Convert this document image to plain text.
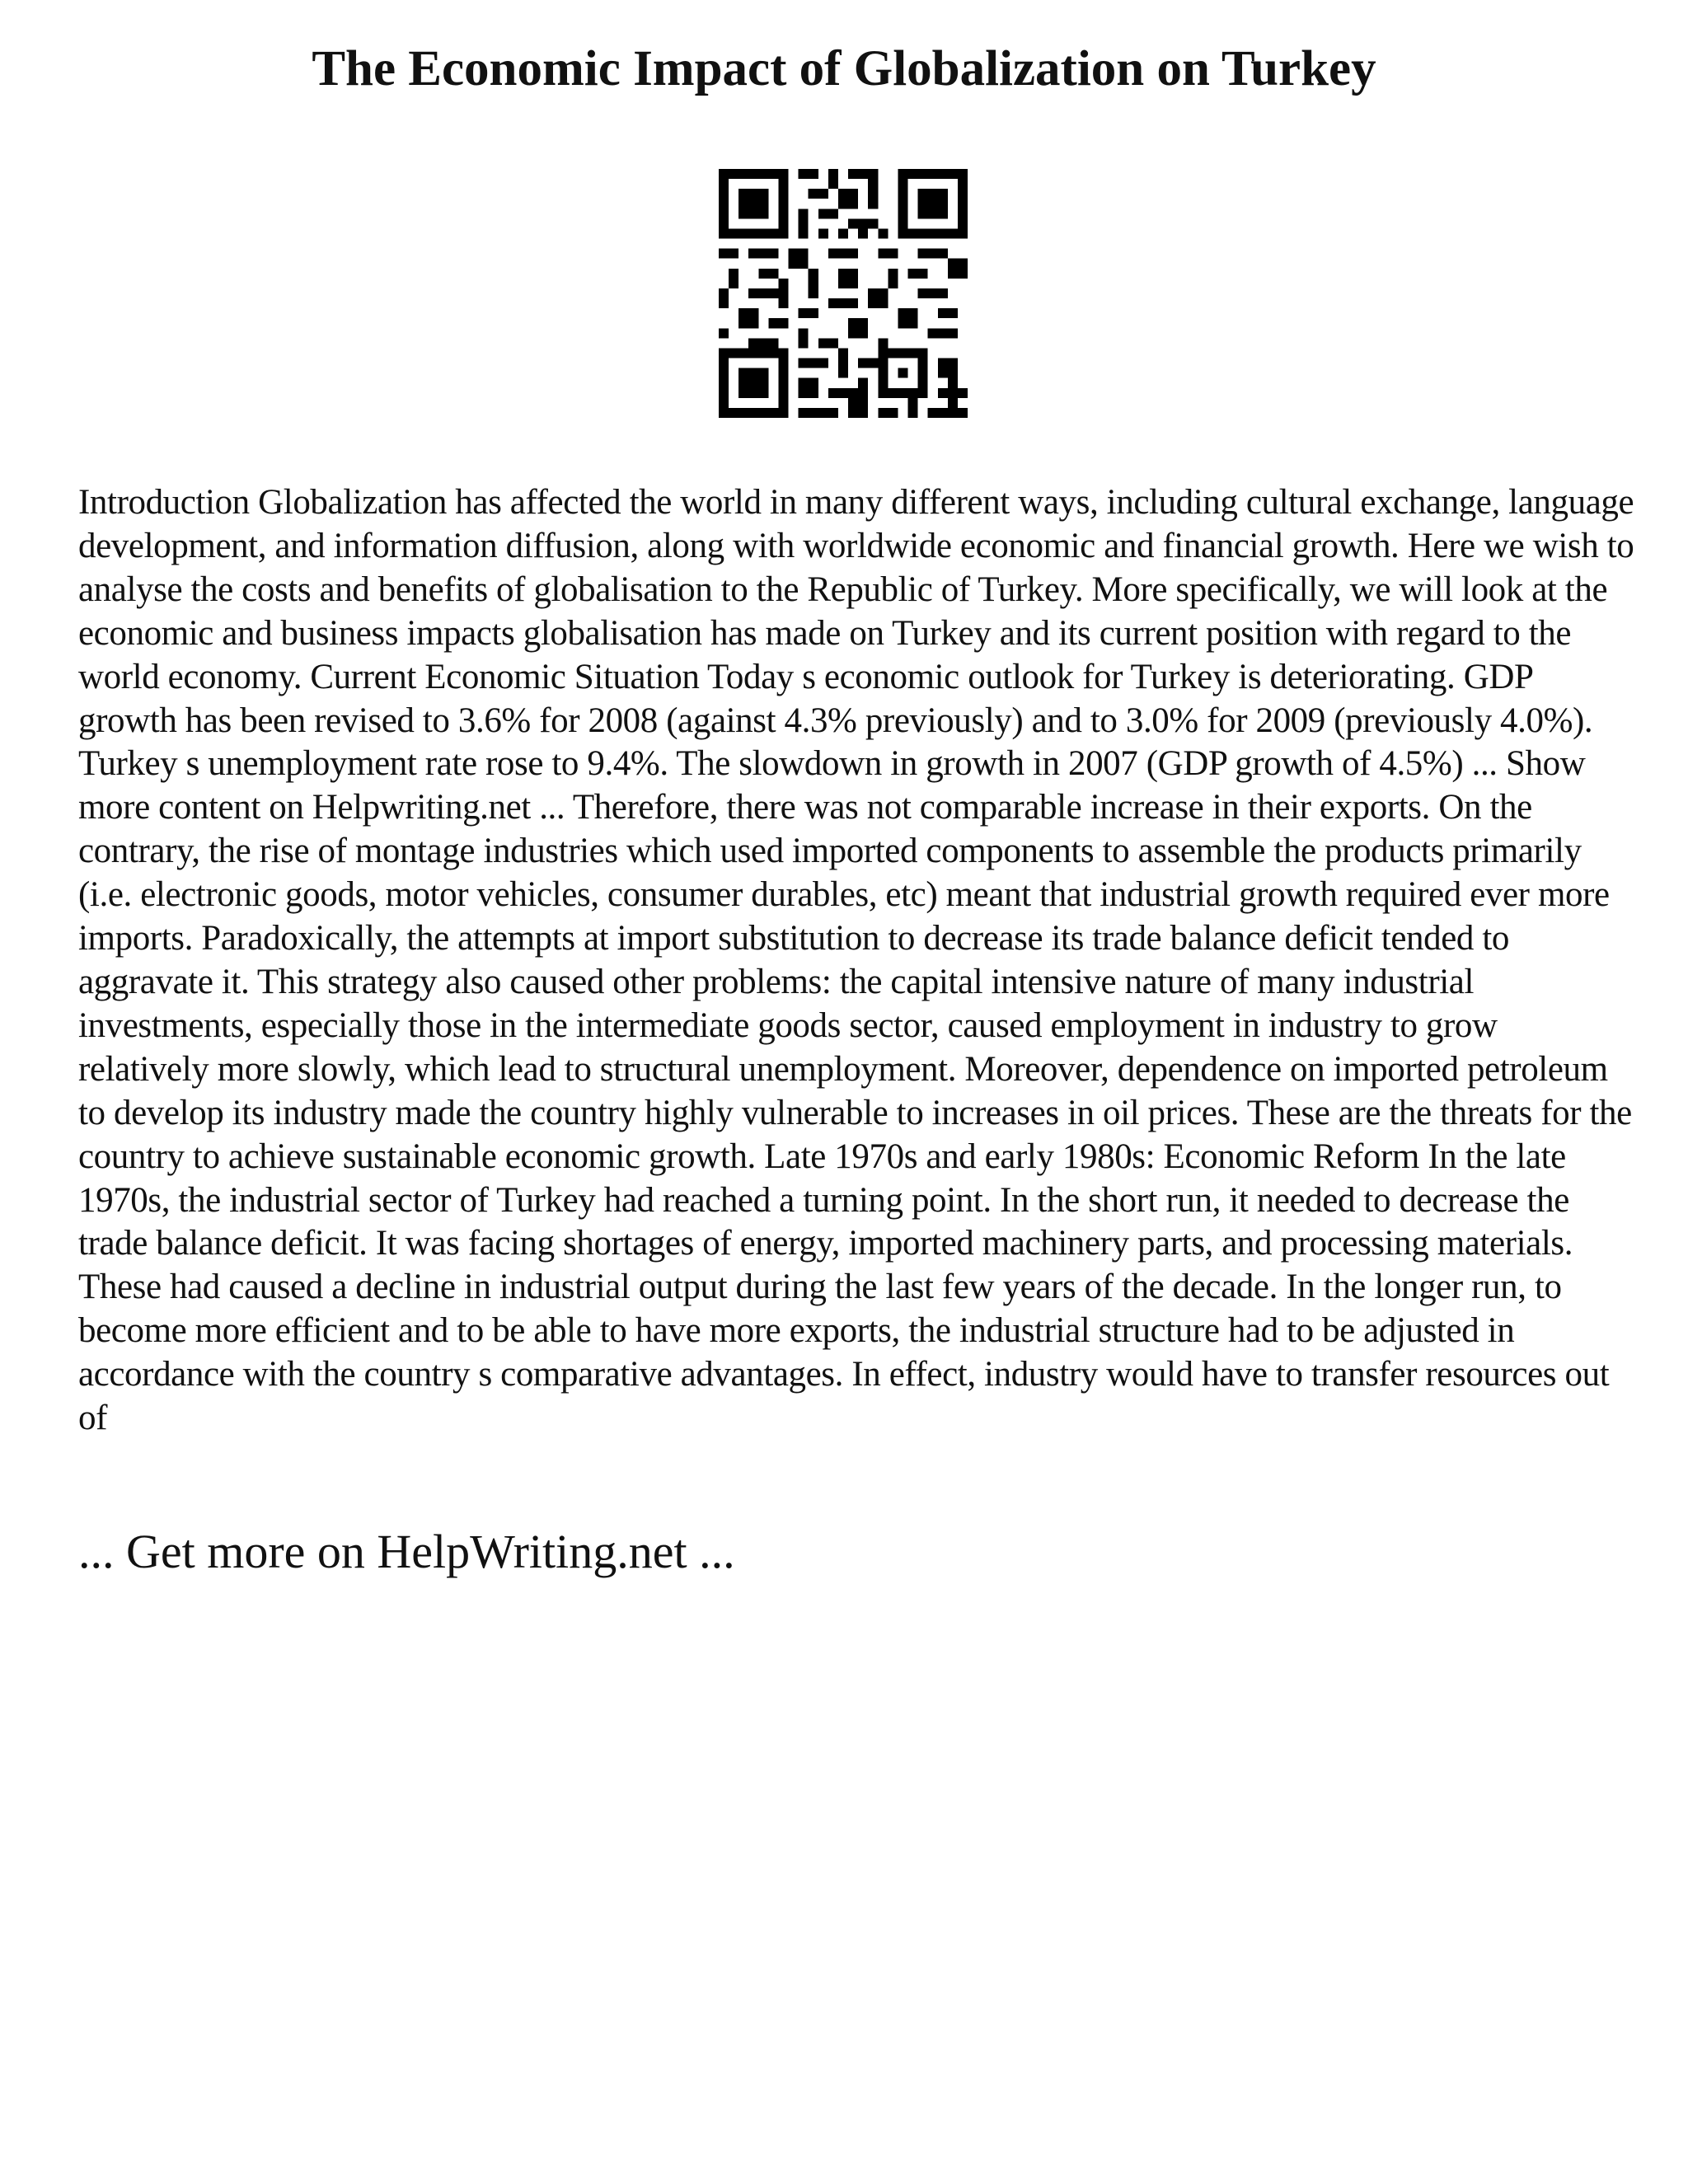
The Economic Impact of Globalization on Turkey

Introduction Globalization has affected the world in many different ways, including cultural exchange, language development, and information diffusion, along with worldwide economic and financial growth. Here we wish to analyse the costs and benefits of globalisation to the Republic of Turkey. More specifically, we will look at the economic and business impacts globalisation has made on Turkey and its current position with regard to the world economy. Current Economic Situation Today s economic outlook for Turkey is deteriorating. GDP growth has been revised to 3.6% for 2008 (against 4.3% previously) and to 3.0% for 2009 (previously 4.0%). Turkey s unemployment rate rose to 9.4%. The slowdown in growth in 2007 (GDP growth of 4.5%) ... Show more content on Helpwriting.net ... Therefore, there was not comparable increase in their exports. On the contrary, the rise of montage industries which used imported components to assemble the products primarily (i.e. electronic goods, motor vehicles, consumer durables, etc) meant that industrial growth required ever more imports. Paradoxically, the attempts at import substitution to decrease its trade balance deficit tended to aggravate it. This strategy also caused other problems: the capital intensive nature of many industrial investments, especially those in the intermediate goods sector, caused employment in industry to grow relatively more slowly, which lead to structural unemployment. Moreover, dependence on imported petroleum to develop its industry made the country highly vulnerable to increases in oil prices. These are the threats for the country to achieve sustainable economic growth. Late 1970s and early 1980s: Economic Reform In the late 1970s, the industrial sector of Turkey had reached a turning point. In the short run, it needed to decrease the trade balance deficit. It was facing shortages of energy, imported machinery parts, and processing materials. These had caused a decline in industrial output during the last few years of the decade. In the longer run, to become more efficient and to be able to have more exports, the industrial structure had to be adjusted in accordance with the country s comparative advantages. In effect, industry would have to transfer resources out of

... Get more on HelpWriting.net ...
